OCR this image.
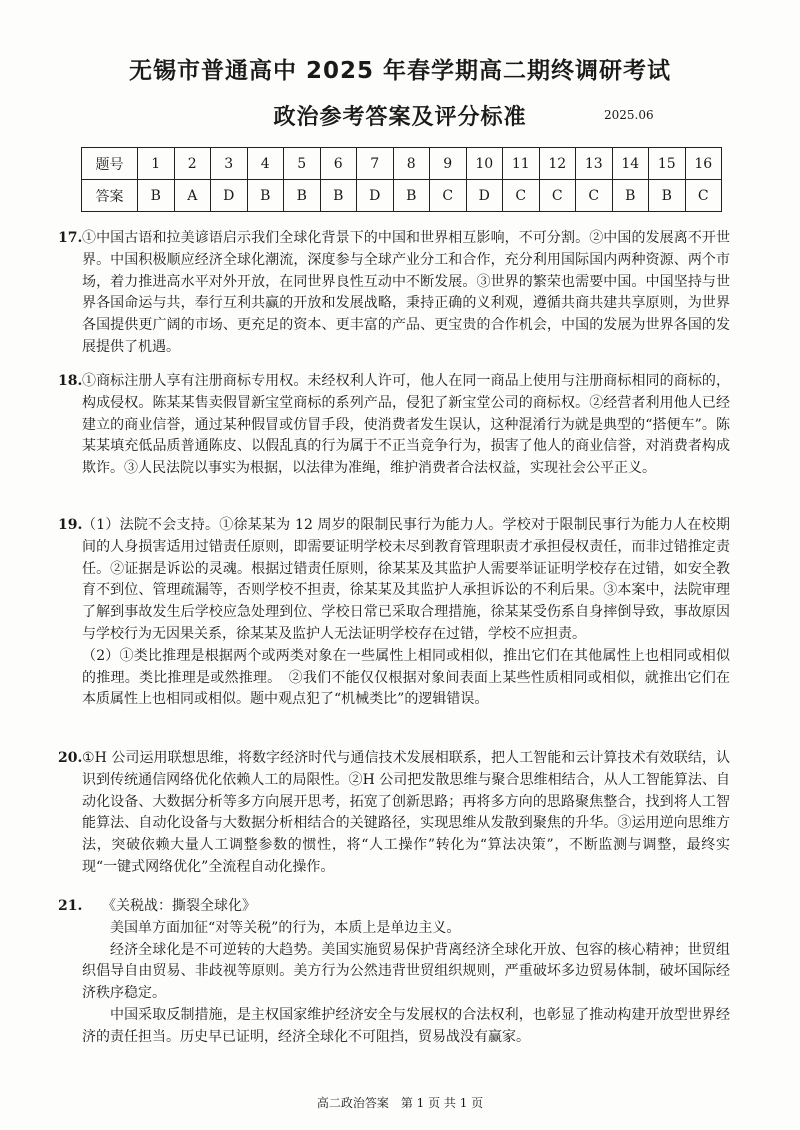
无锡市普通高中 2025 年春学期高二期终调研考试
政治参考答案及评分标准	2025.06
题号	1	2	3	4	5	6	7	8	9	10	11	12	13	14	15	16
答案	B	A	D	B	B	B	D	B	C	D	C	C	C	B	B	C
17. ①中国古语和拉美谚语启示我们全球化背景下的中国和世界相互影响，不可分割。②中国的发展离不开世界。中国积极顺应经济全球化潮流，深度参与全球产业分工和合作，充分利用国际国内两种资源、两个市场，着力推进高水平对外开放，在同世界良性互动中不断发展。③世界的繁荣也需要中国。中国坚持与世界各国命运与共，奉行互利共赢的开放和发展战略，秉持正确的义利观，遵循共商共建共享原则，为世界各国提供更广阔的市场、更充足的资本、更丰富的产品、更宝贵的合作机会，中国的发展为世界各国的发展提供了机遇。

18. ①商标注册人享有注册商标专用权。未经权利人许可，他人在同一商品上使用与注册商标相同的商标的，构成侵权。陈某某售卖假冒新宝堂商标的系列产品，侵犯了新宝堂公司的商标权。②经营者利用他人已经建立的商业信誉，通过某种假冒或仿冒手段，使消费者发生误认，这种混淆行为就是典型的“搭便车”。陈某某填充低品质普通陈皮、以假乱真的行为属于不正当竞争行为，损害了他人的商业信誉，对消费者构成欺诈。③人民法院以事实为根据，以法律为准绳，维护消费者合法权益，实现社会公平正义。

19. （1）法院不会支持。①徐某某为 12 周岁的限制民事行为能力人。学校对于限制民事行为能力人在校期间的人身损害适用过错责任原则，即需要证明学校未尽到教育管理职责才承担侵权责任，而非过错推定责任。②证据是诉讼的灵魂。根据过错责任原则，徐某某及其监护人需要举证证明学校存在过错，如安全教育不到位、管理疏漏等，否则学校不担责，徐某某及其监护人承担诉讼的不利后果。③本案中，法院审理了解到事故发生后学校应急处理到位、学校日常已采取合理措施，徐某某受伤系自身摔倒导致，事故原因与学校行为无因果关系，徐某某及监护人无法证明学校存在过错，学校不应担责。

（2）①类比推理是根据两个或两类对象在一些属性上相同或相似，推出它们在其他属性上也相同或相似的推理。类比推理是或然推理。　②我们不能仅仅根据对象间表面上某些性质相同或相似，就推出它们在本质属性上也相同或相似。题中观点犯了“机械类比”的逻辑错误。

20. ①H 公司运用联想思维，将数字经济时代与通信技术发展相联系，把人工智能和云计算技术有效联结，认识到传统通信网络优化依赖人工的局限性。②H 公司把发散思维与聚合思维相结合，从人工智能算法、自动化设备、大数据分析等多方向展开思考，拓宽了创新思路；再将多方向的思路聚焦整合，找到将人工智能算法、自动化设备与大数据分析相结合的关键路径，实现思维从发散到聚焦的升华。③运用逆向思维方法，突破依赖大量人工调整参数的惯性，将“人工操作”转化为“算法决策”，不断监测与调整，最终实现“一键式网络优化”全流程自动化操作。

21.	《关税战：撕裂全球化》

美国单方面加征“对等关税”的行为，本质上是单边主义。

经济全球化是不可逆转的大趋势。美国实施贸易保护背离经济全球化开放、包容的核心精神；世贸组织倡导自由贸易、非歧视等原则。美方行为公然违背世贸组织规则，严重破坏多边贸易体制，破坏国际经济秩序稳定。

中国采取反制措施，是主权国家维护经济安全与发展权的合法权利，也彰显了推动构建开放型世界经济的责任担当。历史早已证明，经济全球化不可阻挡，贸易战没有赢家。

高二政治答案　第 1 页 共 1 页
